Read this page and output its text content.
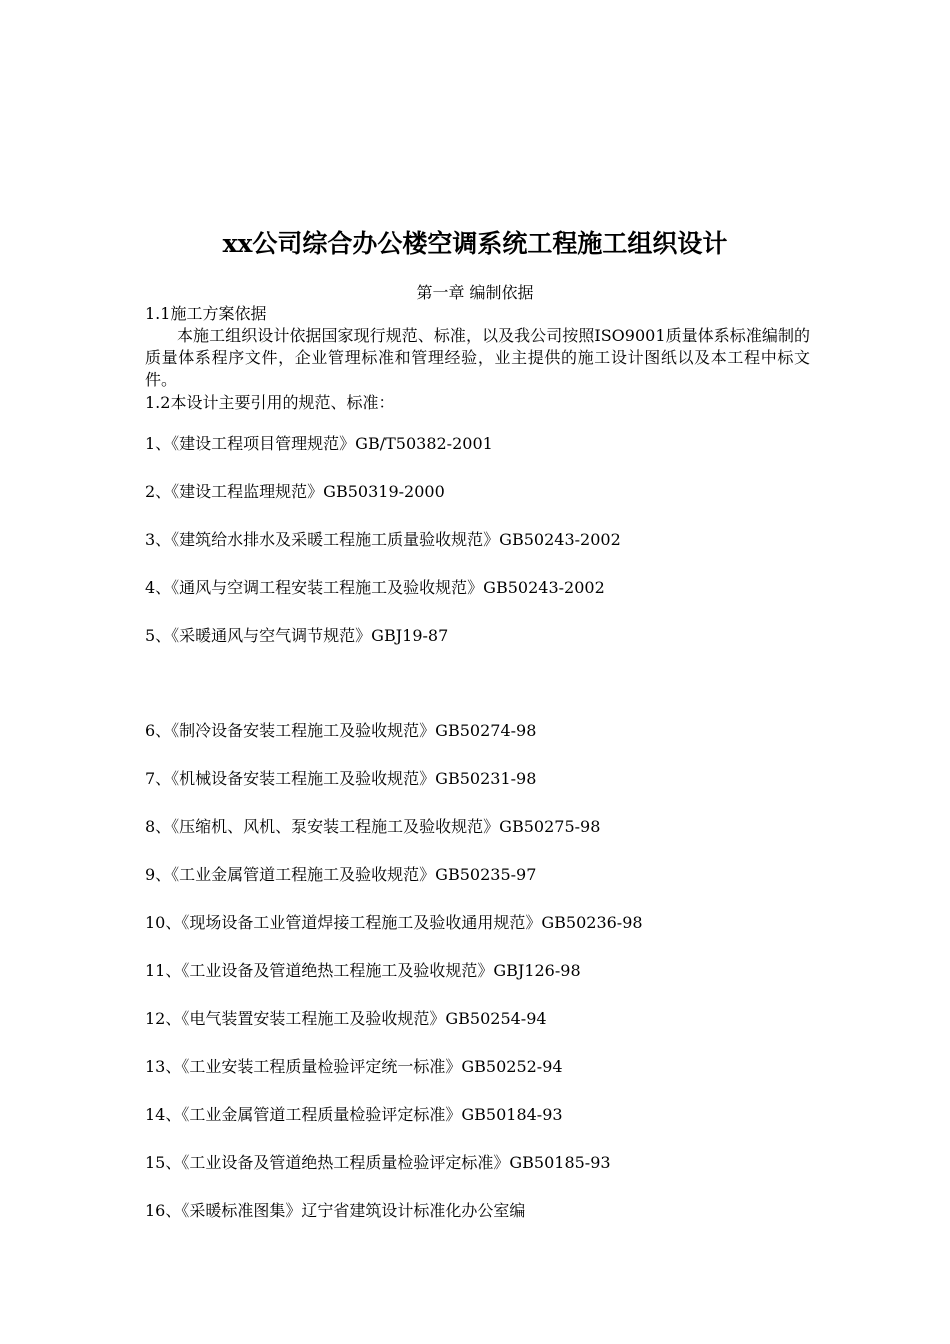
xx公司综合办公楼空调系统工程施工组织设计
第一章 编制依据
1.1施工方案依据
本施工组织设计依据国家现行规范、标准，以及我公司按照ISO9001质量体系标准编制的质量体系程序文件，企业管理标准和管理经验，业主提供的施工设计图纸以及本工程中标文件。
1.2本设计主要引用的规范、标准：
1、《建设工程项目管理规范》GB/T50382-2001
2、《建设工程监理规范》GB50319-2000
3、《建筑给水排水及采暖工程施工质量验收规范》GB50243-2002
4、《通风与空调工程安装工程施工及验收规范》GB50243-2002
5、《采暖通风与空气调节规范》GBJ19-87
6、《制冷设备安装工程施工及验收规范》GB50274-98
7、《机械设备安装工程施工及验收规范》GB50231-98
8、《压缩机、风机、泵安装工程施工及验收规范》GB50275-98
9、《工业金属管道工程施工及验收规范》GB50235-97
10、《现场设备工业管道焊接工程施工及验收通用规范》GB50236-98
11、《工业设备及管道绝热工程施工及验收规范》GBJ126-98
12、《电气装置安装工程施工及验收规范》GB50254-94
13、《工业安装工程质量检验评定统一标准》GB50252-94
14、《工业金属管道工程质量检验评定标准》GB50184-93
15、《工业设备及管道绝热工程质量检验评定标准》GB50185-93
16、《采暖标准图集》辽宁省建筑设计标准化办公室编
